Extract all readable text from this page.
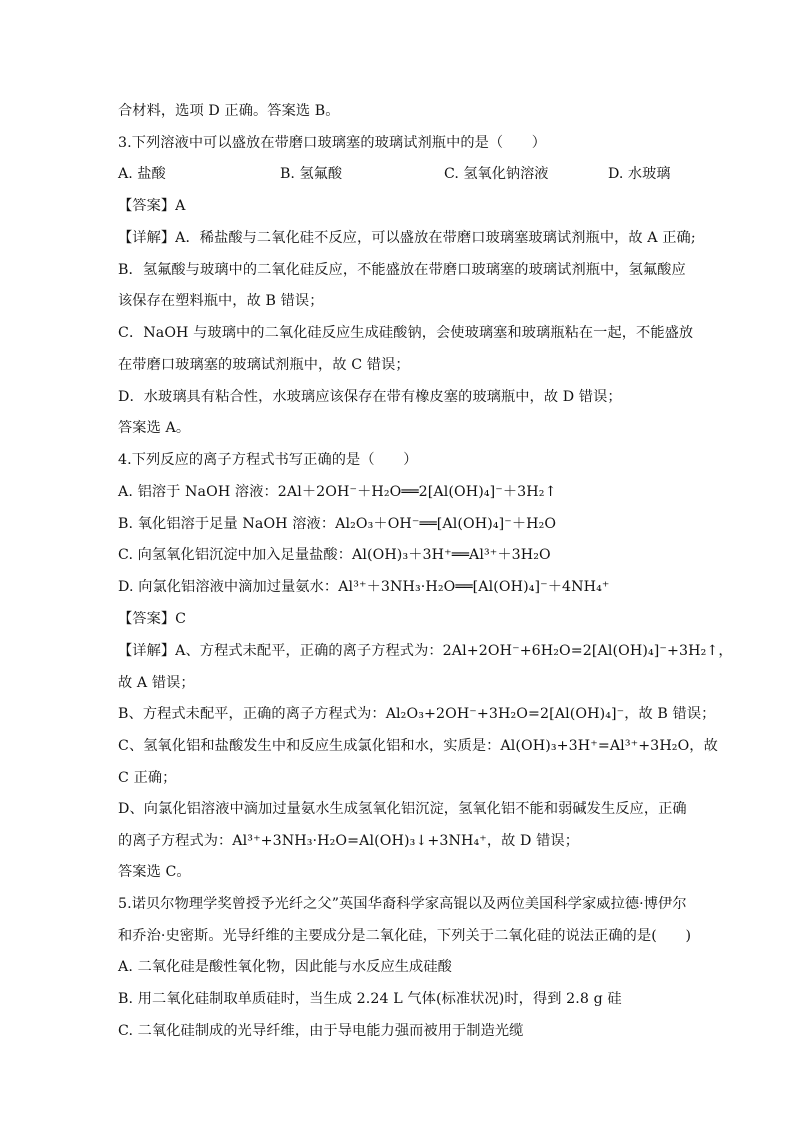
合材料，选项 D 正确。答案选 B。
3.下列溶液中可以盛放在带磨口玻璃塞的玻璃试剂瓶中的是（　　）
A. 盐酸	B. 氢氟酸	C. 氢氧化钠溶液	D. 水玻璃
【答案】A
【详解】A．稀盐酸与二氧化硅不反应，可以盛放在带磨口玻璃塞玻璃试剂瓶中，故 A 正确;
B．氢氟酸与玻璃中的二氧化硅反应，不能盛放在带磨口玻璃塞的玻璃试剂瓶中，氢氟酸应
该保存在塑料瓶中，故 B 错误；
C．NaOH 与玻璃中的二氧化硅反应生成硅酸钠，会使玻璃塞和玻璃瓶粘在一起，不能盛放
在带磨口玻璃塞的玻璃试剂瓶中，故 C 错误；
D．水玻璃具有粘合性，水玻璃应该保存在带有橡皮塞的玻璃瓶中，故 D 错误；
答案选 A。
4.下列反应的离子方程式书写正确的是（　　）
A. 铝溶于 NaOH 溶液：2Al＋2OH⁻＋H₂O══2[Al(OH)₄]⁻＋3H₂↑
B. 氧化铝溶于足量 NaOH 溶液：Al₂O₃＋OH⁻══[Al(OH)₄]⁻＋H₂O
C. 向氢氧化铝沉淀中加入足量盐酸：Al(OH)₃＋3H⁺══Al³⁺＋3H₂O
D. 向氯化铝溶液中滴加过量氨水：Al³⁺＋3NH₃·H₂O══[Al(OH)₄]⁻＋4NH₄⁺
【答案】C
【详解】A、方程式未配平，正确的离子方程式为：2Al+2OH⁻+6H₂O=2[Al(OH)₄]⁻+3H₂↑，
故 A 错误；
B、方程式未配平，正确的离子方程式为：Al₂O₃+2OH⁻+3H₂O=2[Al(OH)₄]⁻，故 B 错误；
C、氢氧化铝和盐酸发生中和反应生成氯化铝和水，实质是：Al(OH)₃+3H⁺=Al³⁺+3H₂O，故
C 正确；
D、向氯化铝溶液中滴加过量氨水生成氢氧化铝沉淀，氢氧化铝不能和弱碱发生反应，正确
的离子方程式为：Al³⁺+3NH₃·H₂O=Al(OH)₃↓+3NH₄⁺，故 D 错误；
答案选 C。
5.诺贝尔物理学奖曾授予光纤之父”英国华裔科学家高锟以及两位美国科学家威拉德·博伊尔
和乔治·史密斯。光导纤维的主要成分是二氧化硅，下列关于二氧化硅的说法正确的是(　　)
A. 二氧化硅是酸性氧化物，因此能与水反应生成硅酸
B. 用二氧化硅制取单质硅时，当生成 2.24 L 气体(标准状况)时，得到 2.8 g 硅
C. 二氧化硅制成的光导纤维，由于导电能力强而被用于制造光缆
